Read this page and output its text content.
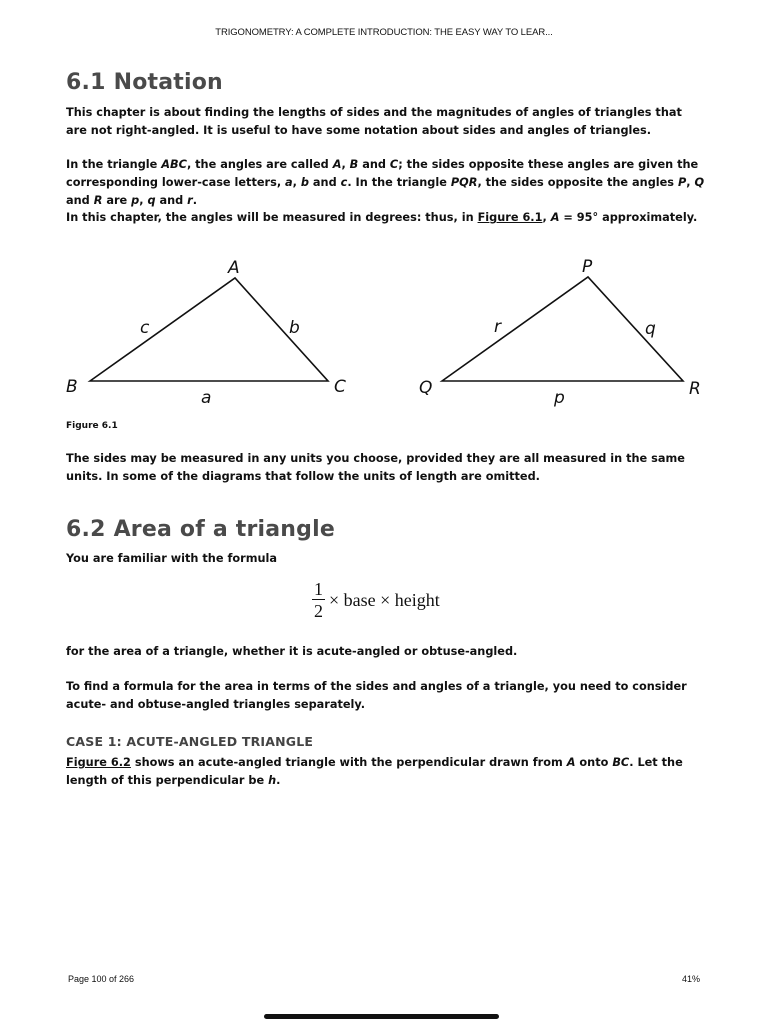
TRIGONOMETRY: A COMPLETE INTRODUCTION: THE EASY WAY TO LEAR...
6.1 Notation

This chapter is about finding the lengths of sides and the magnitudes of angles of triangles that are not right-angled. It is useful to have some notation about sides and angles of triangles.

In the triangle ABC, the angles are called A, B and C; the sides opposite these angles are given the corresponding lower-case letters, a, b and c. In the triangle PQR, the sides opposite the angles P, Q and R are p, q and r.

In this chapter, the angles will be measured in degrees: thus, in Figure 6.1, A = 95° approximately.

A
B	C
a
b
c
P
Q	R
p
q
r
Figure 6.1

The sides may be measured in any units you choose, provided they are all measured in the same units. In some of the diagrams that follow the units of length are omitted.

6.2 Area of a triangle

You are familiar with the formula

$\frac{1}{2}$ × base × height

for the area of a triangle, whether it is acute-angled or obtuse-angled.

To find a formula for the area in terms of the sides and angles of a triangle, you need to consider acute- and obtuse-angled triangles separately.

CASE 1: ACUTE-ANGLED TRIANGLE

Figure 6.2 shows an acute-angled triangle with the perpendicular drawn from A onto BC. Let the length of this perpendicular be h.

Page 100 of 266	41%
